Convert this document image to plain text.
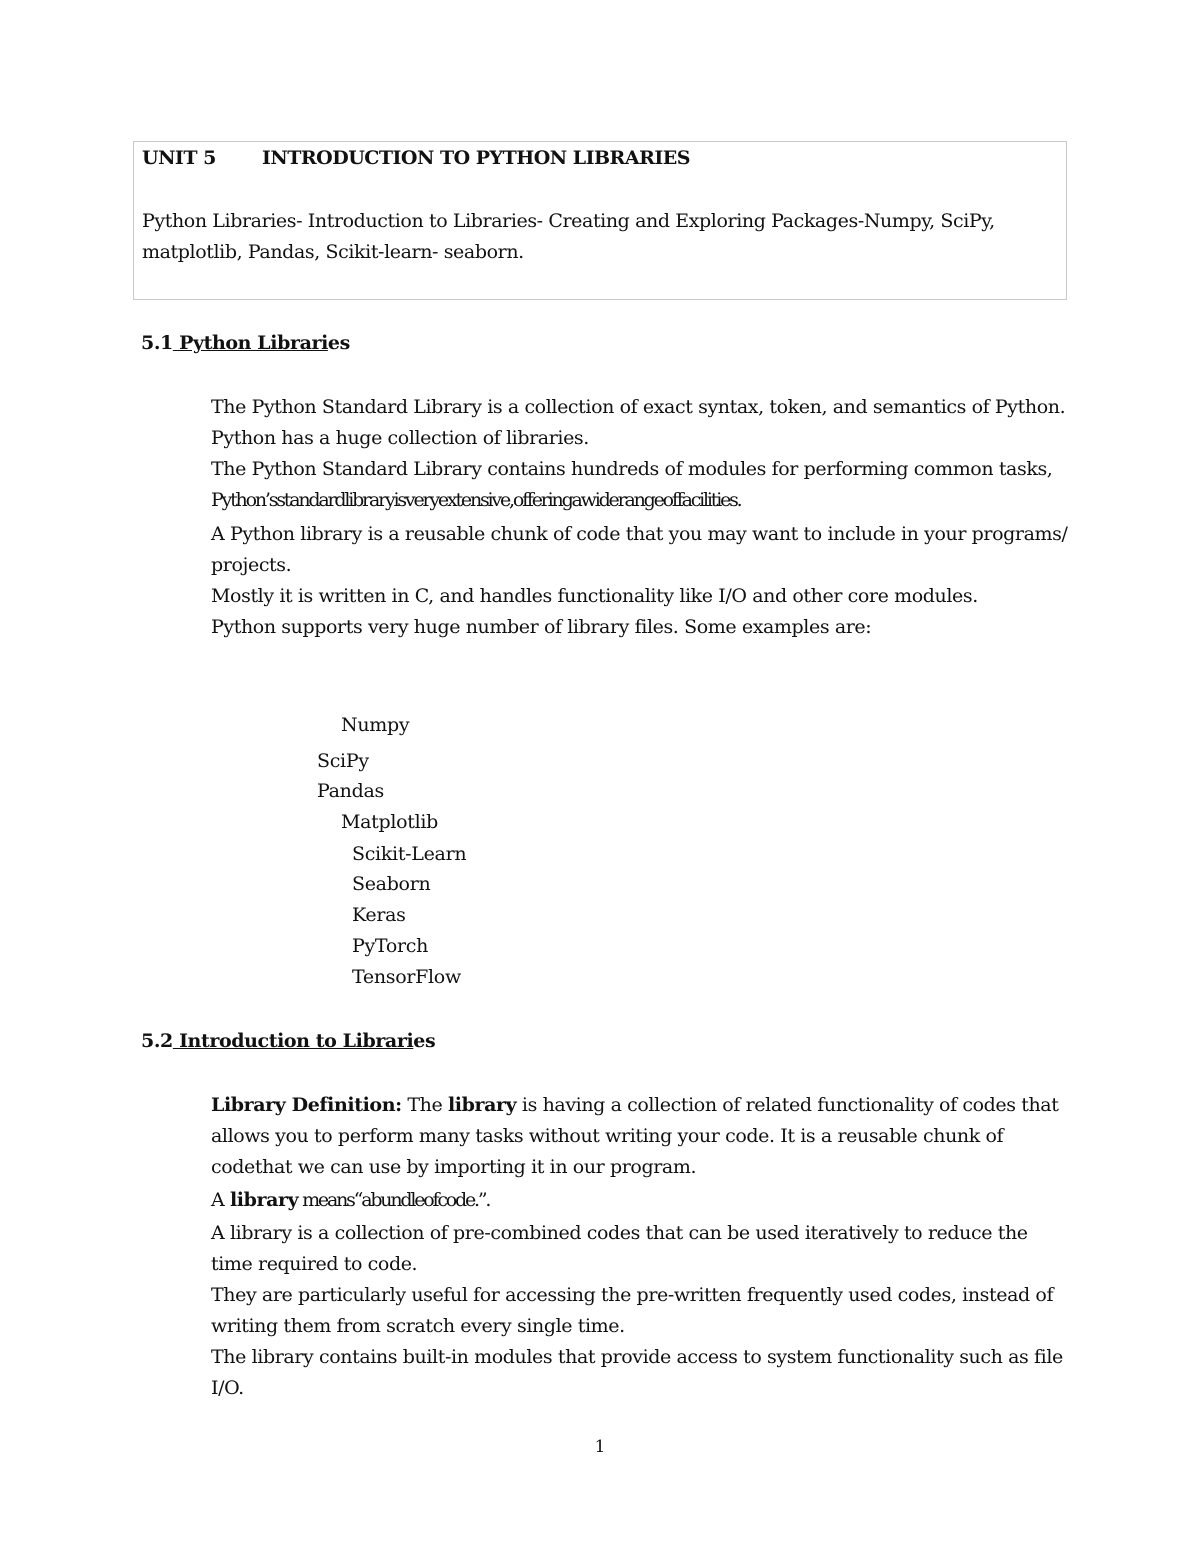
UNIT 5 INTRODUCTION TO PYTHON LIBRARIES
Python Libraries- Introduction to Libraries- Creating and Exploring Packages-Numpy, SciPy, matplotlib, Pandas, Scikit-learn- seaborn.
5.1 Python Libraries

The Python Standard Library is a collection of exact syntax, token, and semantics of Python.

Python has a huge collection of libraries.

The Python Standard Library contains hundreds of modules for performing common tasks,

Python’sstandardlibraryisveryextensive,offeringawiderangeoffacilities.

A Python library is a reusable chunk of code that you may want to include in your programs/ projects.

Mostly it is written in C, and handles functionality like I/O and other core modules.

Python supports very huge number of library files. Some examples are:

Numpy
SciPy
Pandas
Matplotlib
Scikit-Learn
Seaborn
Keras
PyTorch
TensorFlow
5.2 Introduction to Libraries

Library Definition: The library is having a collection of related functionality of codes that allows you to perform many tasks without writing your code. It is a reusable chunk of codethat we can use by importing it in our program.

A library means“abundleofcode.”.

A library is a collection of pre-combined codes that can be used iteratively to reduce the time required to code.

They are particularly useful for accessing the pre-written frequently used codes, instead of writing them from scratch every single time.

The library contains built-in modules that provide access to system functionality such as file I/O.

1
